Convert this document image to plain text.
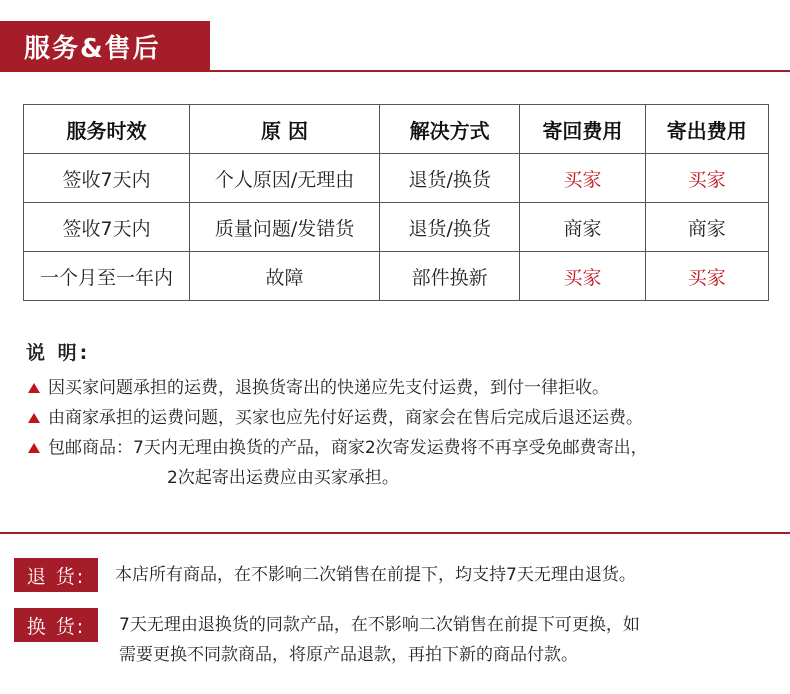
服务&售后
服务时效	原 因	解决方式	寄回费用	寄出费用
签收7天内	个人原因/无理由	退货/换货	买家	买家
签收7天内	质量问题/发错货	退货/换货	商家	商家
一个月至一年内	故障	部件换新	买家	买家
说 明:
因买家问题承担的运费，退换货寄出的快递应先支付运费，到付一律拒收。
由商家承担的运费问题，买家也应先付好运费，商家会在售后完成后退还运费。
包邮商品：7天内无理由换货的产品，商家2次寄发运费将不再享受免邮费寄出，
2次起寄出运费应由买家承担。
退 货:	本店所有商品，在不影响二次销售在前提下，均支持7天无理由退货。
换 货:	7天无理由退换货的同款产品，在不影响二次销售在前提下可更换，如
需要更换不同款商品，将原产品退款，再拍下新的商品付款。
